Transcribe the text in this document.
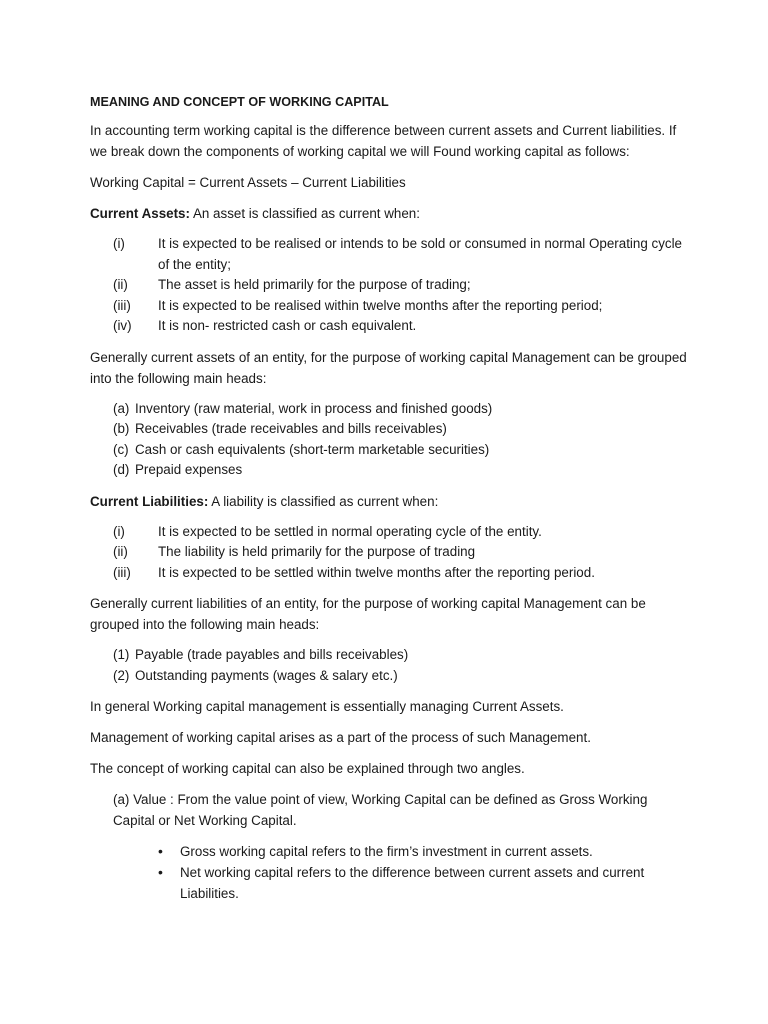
MEANING AND CONCEPT OF WORKING CAPITAL

In accounting term working capital is the difference between current assets and Current liabilities. If we break down the components of working capital we will Found working capital as follows:

Working Capital = Current Assets – Current Liabilities

Current Assets: An asset is classified as current when:

(i)	It is expected to be realised or intends to be sold or consumed in normal Operating cycle of the entity;
(ii)	The asset is held primarily for the purpose of trading;
(iii)	It is expected to be realised within twelve months after the reporting period;
(iv)	It is non- restricted cash or cash equivalent.

Generally current assets of an entity, for the purpose of working capital Management can be grouped into the following main heads:

(a) Inventory (raw material, work in process and finished goods)
(b) Receivables (trade receivables and bills receivables)
(c) Cash or cash equivalents (short-term marketable securities)
(d) Prepaid expenses

Current Liabilities: A liability is classified as current when:

(i)	It is expected to be settled in normal operating cycle of the entity.
(ii)	The liability is held primarily for the purpose of trading
(iii)	It is expected to be settled within twelve months after the reporting period.

Generally current liabilities of an entity, for the purpose of working capital Management can be grouped into the following main heads:

(1) Payable (trade payables and bills receivables)
(2) Outstanding payments (wages & salary etc.)

In general Working capital management is essentially managing Current Assets.

Management of working capital arises as a part of the process of such Management.

The concept of working capital can also be explained through two angles.

(a) Value : From the value point of view, Working Capital can be defined as Gross Working Capital or Net Working Capital.
•	Gross working capital refers to the firm’s investment in current assets.
•	Net working capital refers to the difference between current assets and current Liabilities.
